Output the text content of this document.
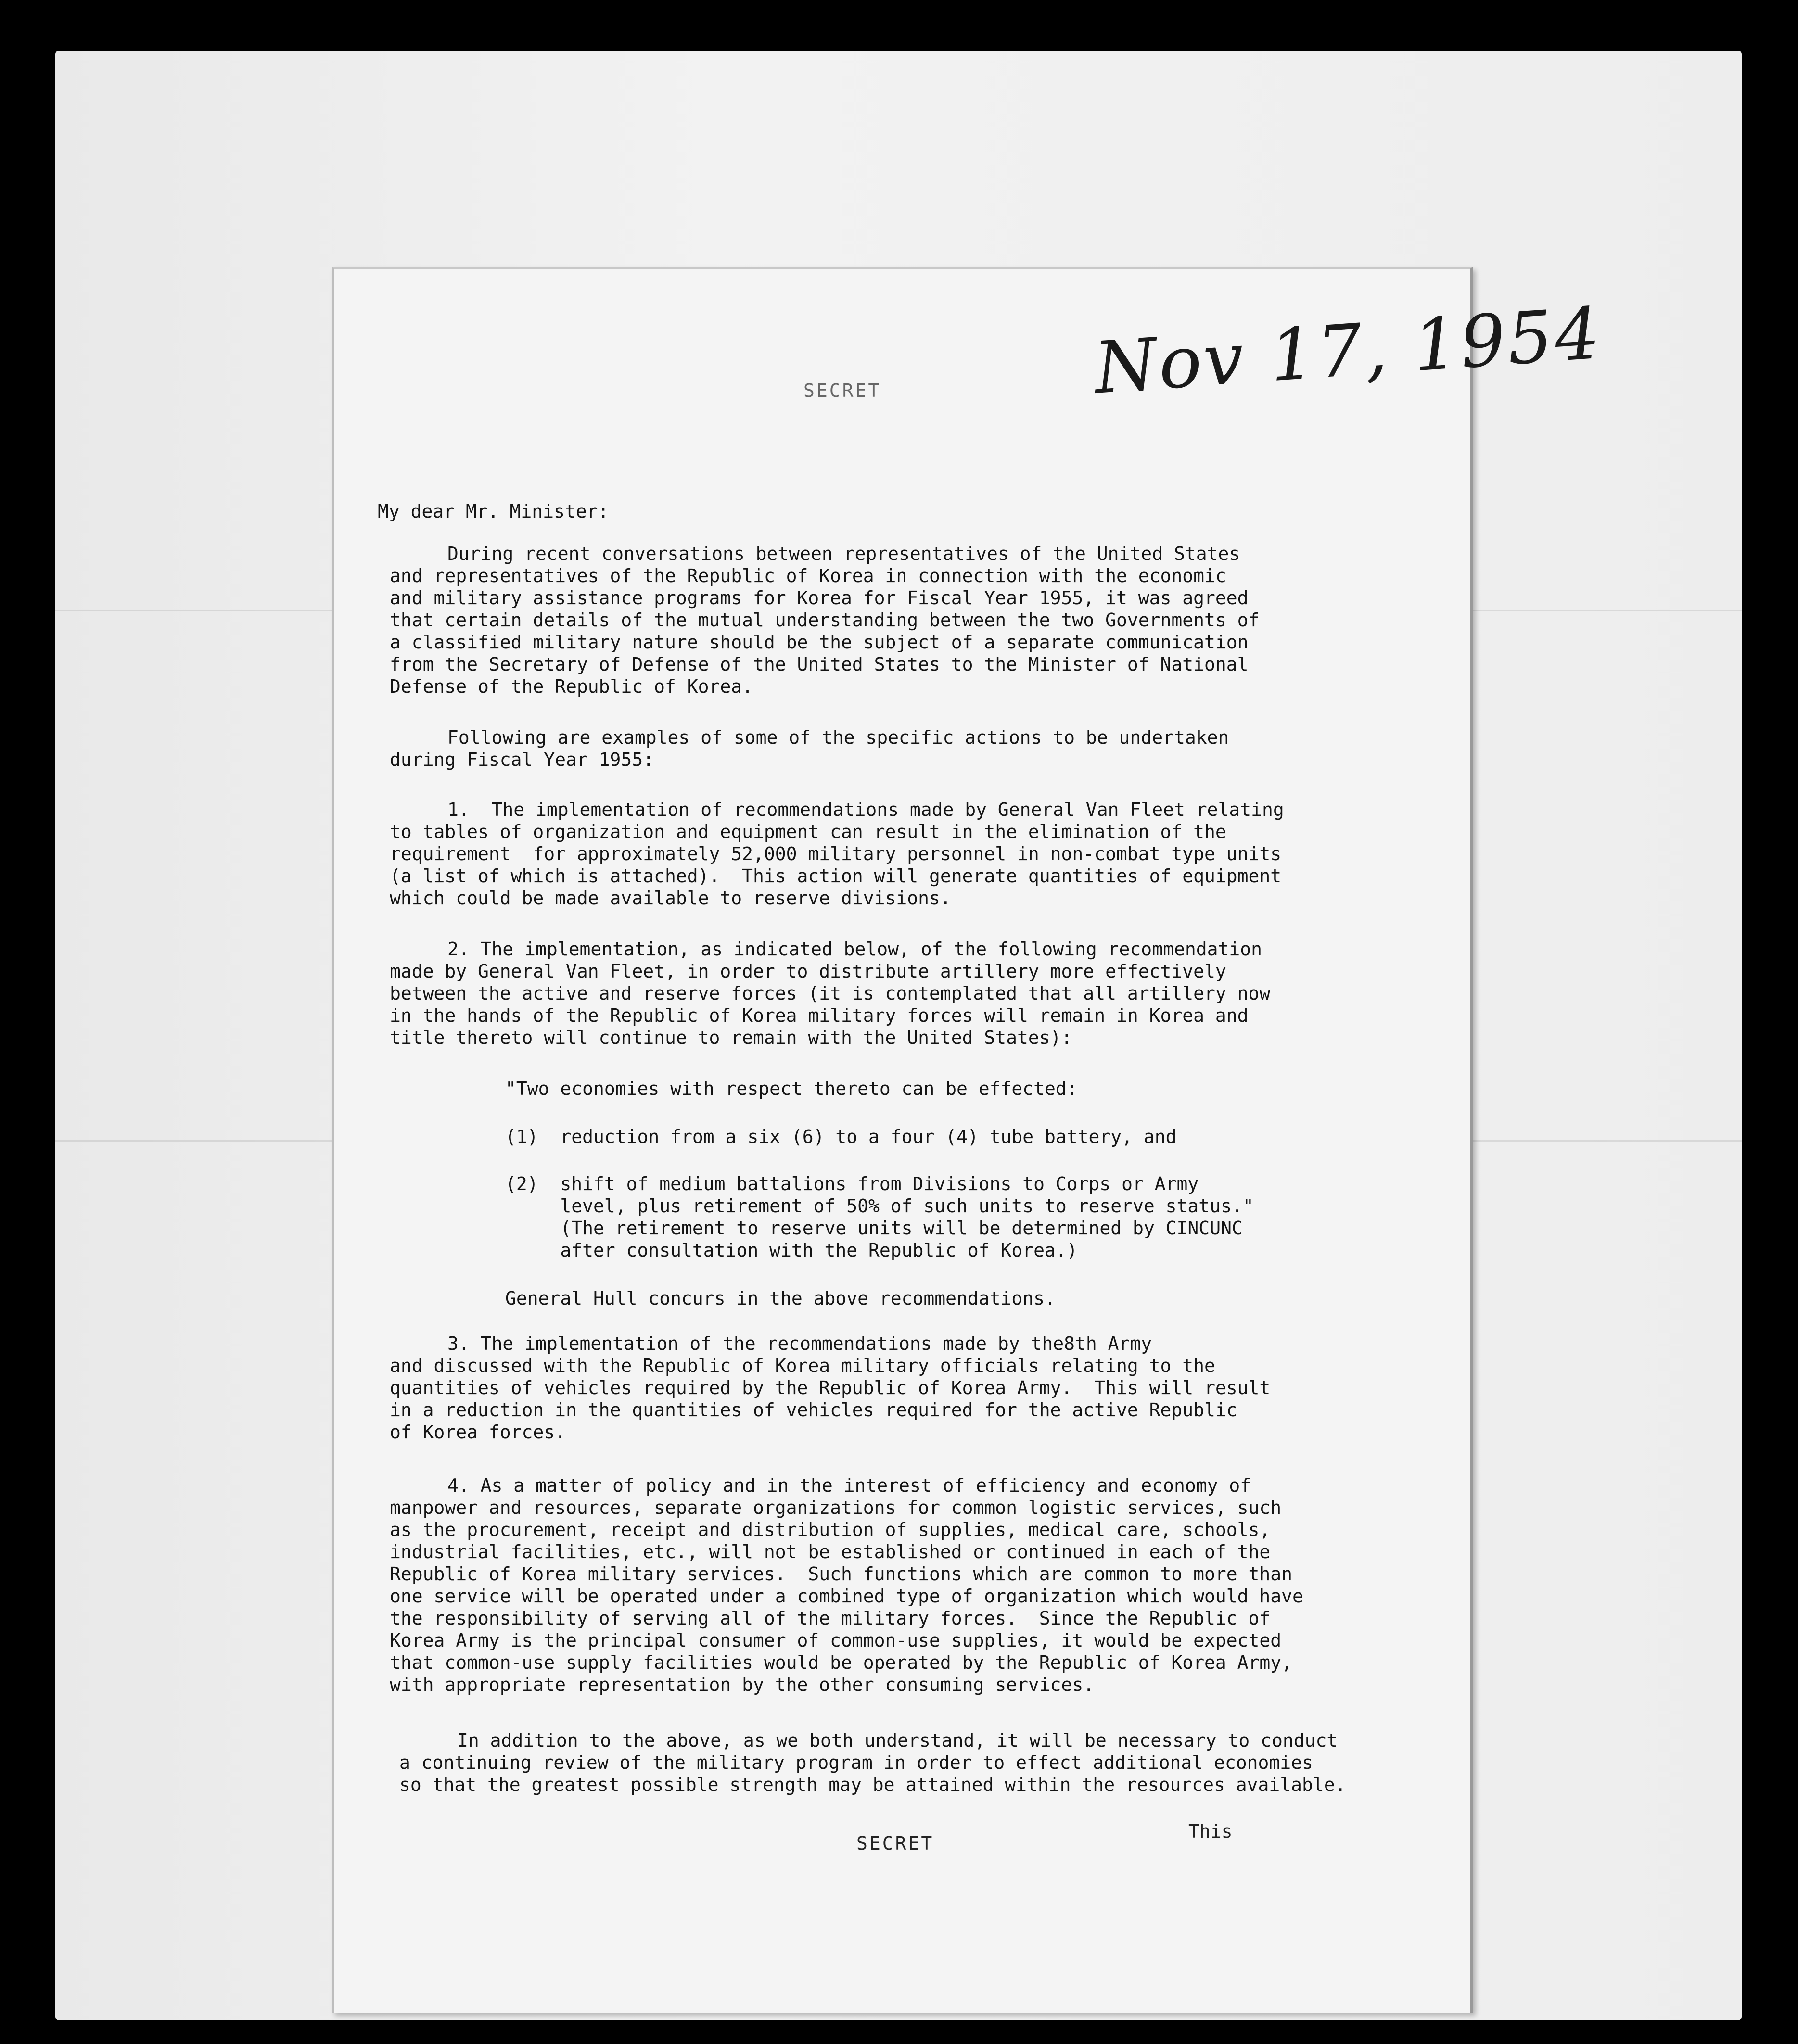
Nov 17, 1954
SECRET
My dear Mr. Minister:
During recent conversations between representatives of the United States
and representatives of the Republic of Korea in connection with the economic
and military assistance programs for Korea for Fiscal Year 1955, it was agreed
that certain details of the mutual understanding between the two Governments of
a classified military nature should be the subject of a separate communication
from the Secretary of Defense of the United States to the Minister of National
Defense of the Republic of Korea.
Following are examples of some of the specific actions to be undertaken
during Fiscal Year 1955:
1.  The implementation of recommendations made by General Van Fleet relating
to tables of organization and equipment can result in the elimination of the
requirement  for approximately 52,000 military personnel in non-combat type units
(a list of which is attached).  This action will generate quantities of equipment
which could be made available to reserve divisions.
2. The implementation, as indicated below, of the following recommendation
made by General Van Fleet, in order to distribute artillery more effectively
between the active and reserve forces (it is contemplated that all artillery now
in the hands of the Republic of Korea military forces will remain in Korea and
title thereto will continue to remain with the United States):
"Two economies with respect thereto can be effected:
(1)  reduction from a six (6) to a four (4) tube battery, and
(2)  shift of medium battalions from Divisions to Corps or Army
level, plus retirement of 50% of such units to reserve status."
(The retirement to reserve units will be determined by CINCUNC
after consultation with the Republic of Korea.)
General Hull concurs in the above recommendations.
3. The implementation of the recommendations made by the8th Army
and discussed with the Republic of Korea military officials relating to the
quantities of vehicles required by the Republic of Korea Army.  This will result
in a reduction in the quantities of vehicles required for the active Republic
of Korea forces.
4. As a matter of policy and in the interest of efficiency and economy of
manpower and resources, separate organizations for common logistic services, such
as the procurement, receipt and distribution of supplies, medical care, schools,
industrial facilities, etc., will not be established or continued in each of the
Republic of Korea military services.  Such functions which are common to more than
one service will be operated under a combined type of organization which would have
the responsibility of serving all of the military forces.  Since the Republic of
Korea Army is the principal consumer of common-use supplies, it would be expected
that common-use supply facilities would be operated by the Republic of Korea Army,
with appropriate representation by the other consuming services.
In addition to the above, as we both understand, it will be necessary to conduct
a continuing review of the military program in order to effect additional economies
so that the greatest possible strength may be attained within the resources available.
SECRET
This
